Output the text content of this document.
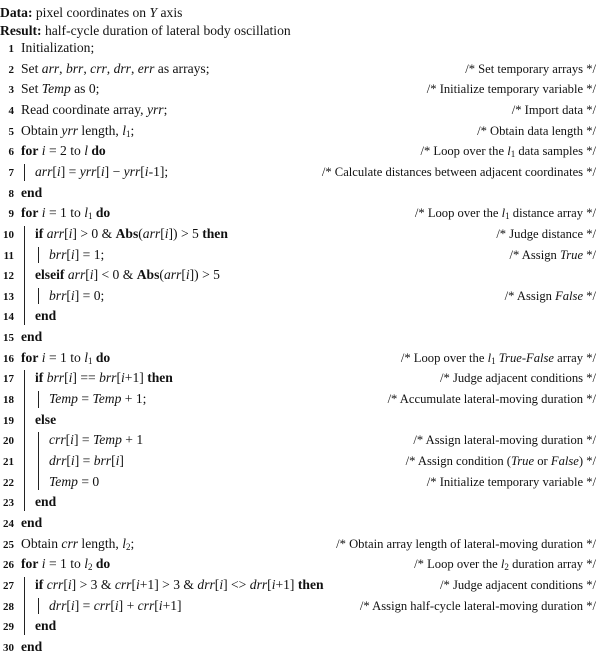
Data: pixel coordinates on Y axis
Result: half-cycle duration of lateral body oscillation
1 Initialization;
2 Set arr, brr, crr, drr, err as arrays;	/* Set temporary arrays */
3 Set Temp as 0;	/* Initialize temporary variable */
4 Read coordinate array, yrr;	/* Import data */
5 Obtain yrr length, l1;	/* Obtain data length */
6 for i = 2 to l do	/* Loop over the l1 data samples */
7 arr[i] = yrr[i] − yrr[i-1];	/* Calculate distances between adjacent coordinates */
8 end
9 for i = 1 to l1 do	/* Loop over the l1 distance array */
10 if arr[i] > 0 & Abs(arr[i]) > 5 then	/* Judge distance */
11	brr[i] = 1;	/* Assign True */
12 elseif arr[i] < 0 & Abs(arr[i]) > 5
13	brr[i] = 0;	/* Assign False */
14 end
15 end
16 for i = 1 to l1 do	/* Loop over the l1 True-False array */
17 if brr[i] == brr[i+1] then	/* Judge adjacent conditions */
18	Temp = Temp + 1;	/* Accumulate lateral-moving duration */
19 else
20	crr[i] = Temp + 1	/* Assign lateral-moving duration */
21	drr[i] = brr[i]	/* Assign condition (True or False) */
22	Temp = 0	/* Initialize temporary variable */
23 end
24 end
25 Obtain crr length, l2;	/* Obtain array length of lateral-moving duration */
26 for i = 1 to l2 do	/* Loop over the l2 duration array */
27 if crr[i] > 3 & crr[i+1] > 3 & drr[i] <> drr[i+1] then	/* Judge adjacent conditions */
28	drr[i] = crr[i] + crr[i+1]	/* Assign half-cycle lateral-moving duration */
29 end
30 end
